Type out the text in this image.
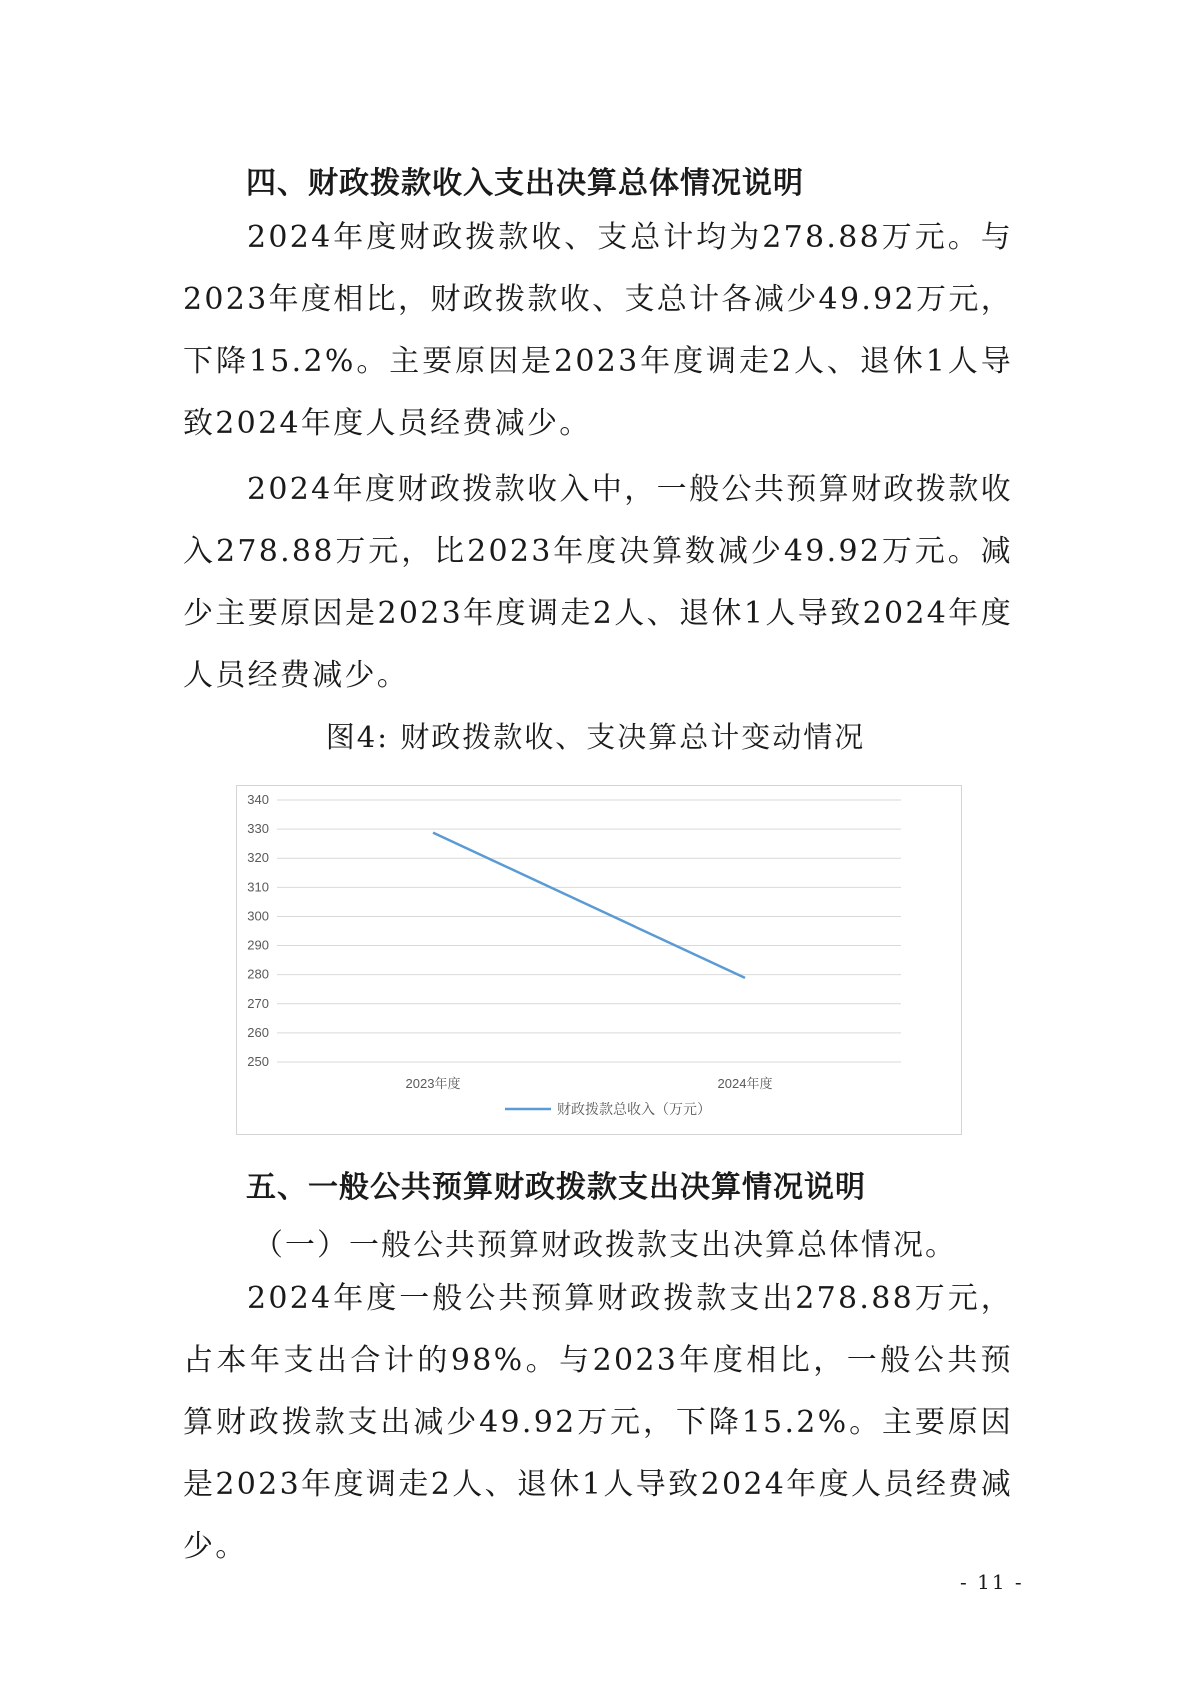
四、财政拨款收入支出决算总体情况说明
2024年度财政拨款收、支总计均为278.88万元。与2023年度相比，财政拨款收、支总计各减少49.92万元，下降15.2%。主要原因是2023年度调走2人、退休1人导致2024年度人员经费减少。
2024年度财政拨款收入中，一般公共预算财政拨款收入278.88万元，比2023年度决算数减少49.92万元。减少主要原因是2023年度调走2人、退休1人导致2024年度人员经费减少。
图4: 财政拨款收、支决算总计变动情况
340
330
320
310
300
290
280
270
260
250
2023年度	2024年度
财政拨款总收入（万元）
五、一般公共预算财政拨款支出决算情况说明
（一）一般公共预算财政拨款支出决算总体情况。
2024年度一般公共预算财政拨款支出278.88万元，占本年支出合计的98%。与2023年度相比，一般公共预算财政拨款支出减少49.92万元，下降15.2%。主要原因是2023年度调走2人、退休1人导致2024年度人员经费减少。
- 11 -
